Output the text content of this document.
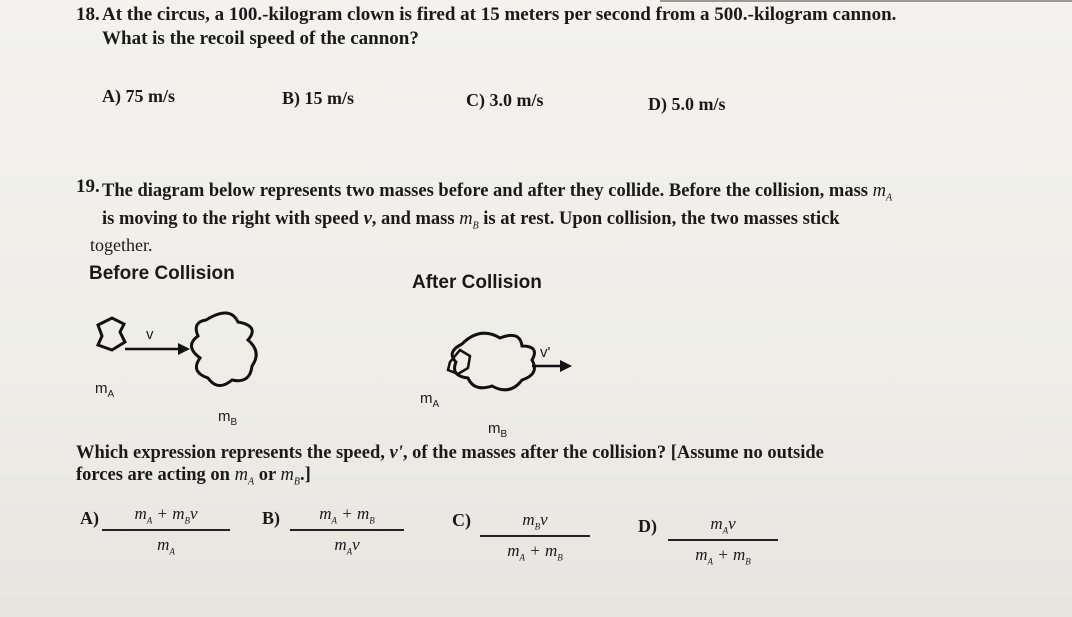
18. At the circus, a 100.-kilogram clown is fired at 15 meters per second from a 500.-kilogram cannon.
What is the recoil speed of the cannon?
A) 75 m/s	B) 15 m/s	C) 3.0 m/s	D) 5.0 m/s
19. The diagram below represents two masses before and after they collide. Before the collision, mass $m_A$
is moving to the right with speed v, and mass $m_B$ is at rest. Upon collision, the two masses stick
together.
Before Collision	After Collision
v
$m_A$
$m_B$
v'
$m_A$
$m_B$
Which expression represents the speed, v', of the masses after the collision? [Assume no outside
forces are acting on $m_A$ or $m_B$.]
A)	$m_A + m_Bv$
$m_A$
B)	$m_A + m_B$
$m_Av$
C)	$m_Bv$
$m_A + m_B$
D)	$m_Av$
$m_A + m_B$
